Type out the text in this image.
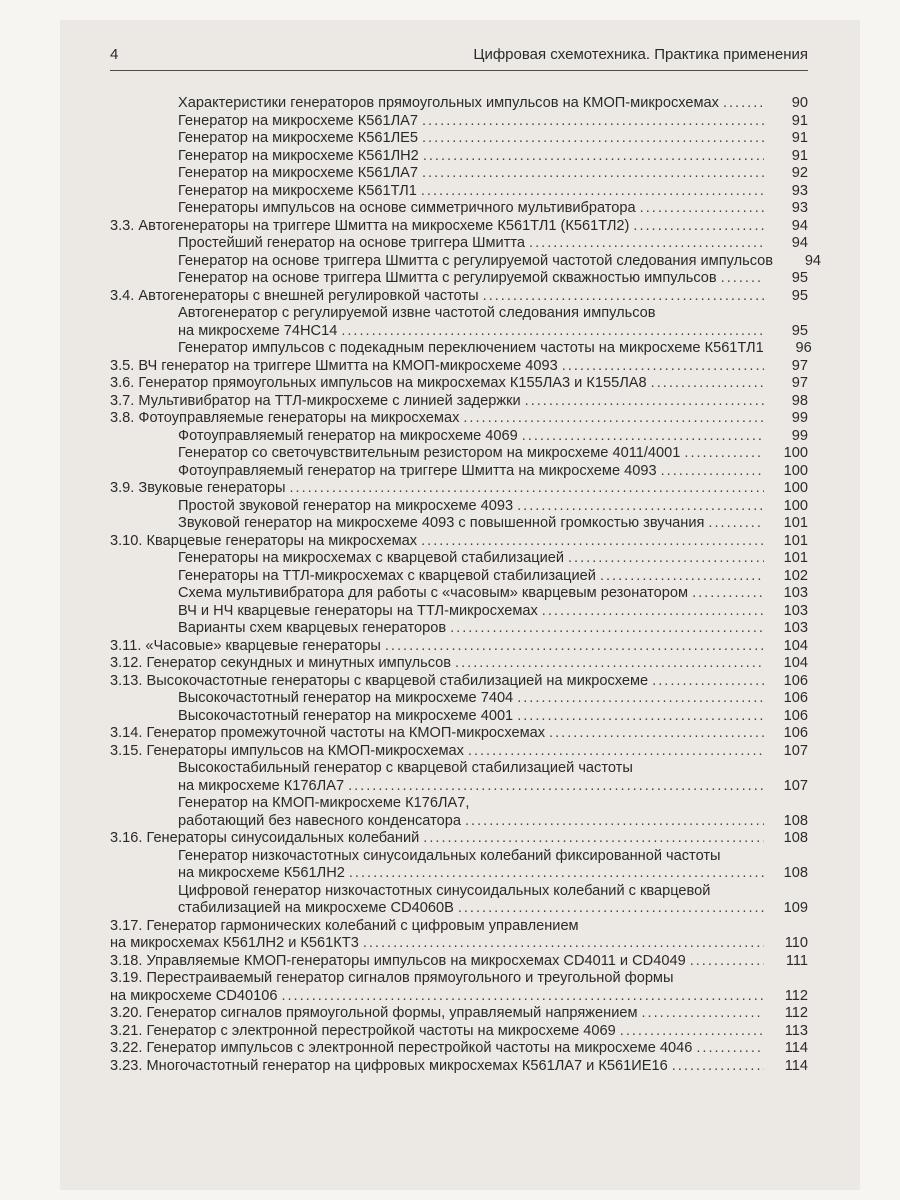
4	Цифровая схемотехника. Практика применения
Характеристики генераторов прямоугольных импульсов на КМОП-микросхемах .....	90
Генератор на микросхеме К561ЛА7 .....	91
Генератор на микросхеме К561ЛЕ5 .....	91
Генератор на микросхеме К561ЛН2 .....	91
Генератор на микросхеме К561ЛА7 .....	92
Генератор на микросхеме К561ТЛ1 .....	93
Генераторы импульсов на основе симметричного мультивибратора .....	93
3.3. Автогенераторы на триггере Шмитта на микросхеме К561ТЛ1 (К561ТЛ2) .....	94
Простейший генератор на основе триггера Шмитта .....	94
Генератор на основе триггера Шмитта с регулируемой частотой следования импульсов	94
Генератор на основе триггера Шмитта с регулируемой скважностью импульсов .....	95
3.4. Автогенераторы с внешней регулировкой частоты .....	95
Автогенератор с регулируемой извне частотой следования импульсов
на микросхеме 74НС14 .....	95
Генератор импульсов с подекадным переключением частоты на микросхеме К561ТЛ1	96
3.5. ВЧ генератор на триггере Шмитта на КМОП-микросхеме 4093 .....	97
3.6. Генератор прямоугольных импульсов на микросхемах К155ЛА3 и К155ЛА8 .....	97
3.7. Мультивибратор на ТТЛ-микросхеме с линией задержки .....	98
3.8. Фотоуправляемые генераторы на микросхемах .....	99
Фотоуправляемый генератор на микросхеме 4069 .....	99
Генератор со светочувствительным резистором на микросхеме 4011/4001 .....	100
Фотоуправляемый генератор на триггере Шмитта на микросхеме 4093 .....	100
3.9. Звуковые генераторы .....	100
Простой звуковой генератор на микросхеме 4093 .....	100
Звуковой генератор на микросхеме 4093 с повышенной громкостью звучания .....	101
3.10. Кварцевые генераторы на микросхемах .....	101
Генераторы на микросхемах с кварцевой стабилизацией .....	101
Генераторы на ТТЛ-микросхемах с кварцевой стабилизацией .....	102
Схема мультивибратора для работы с «часовым» кварцевым резонатором .....	103
ВЧ и НЧ кварцевые генераторы на ТТЛ-микросхемах .....	103
Варианты схем кварцевых генераторов .....	103
3.11. «Часовые» кварцевые генераторы .....	104
3.12. Генератор секундных и минутных импульсов .....	104
3.13. Высокочастотные генераторы с кварцевой стабилизацией на микросхеме .....	106
Высокочастотный генератор на микросхеме 7404 .....	106
Высокочастотный генератор на микросхеме 4001 .....	106
3.14. Генератор промежуточной частоты на КМОП-микросхемах .....	106
3.15. Генераторы импульсов на КМОП-микросхемах .....	107
Высокостабильный генератор с кварцевой стабилизацией частоты
на микросхеме К176ЛА7 .....	107
Генератор на КМОП-микросхеме К176ЛА7,
работающий без навесного конденсатора .....	108
3.16. Генераторы синусоидальных колебаний .....	108
Генератор низкочастотных синусоидальных колебаний фиксированной частоты
на микросхеме К561ЛН2 .....	108
Цифровой генератор низкочастотных синусоидальных колебаний с кварцевой
стабилизацией на микросхеме CD4060B .....	109
3.17. Генератор гармонических колебаний с цифровым управлением
на микросхемах К561ЛН2 и К561КТ3 .....	110
3.18. Управляемые КМОП-генераторы импульсов на микросхемах CD4011 и CD4049 .....	111
3.19. Перестраиваемый генератор сигналов прямоугольного и треугольной формы
на микросхеме CD40106 .....	112
3.20. Генератор сигналов прямоугольной формы, управляемый напряжением .....	112
3.21. Генератор с электронной перестройкой частоты на микросхеме 4069 .....	113
3.22. Генератор импульсов с электронной перестройкой частоты на микросхеме 4046 .....	114
3.23. Многочастотный генератор на цифровых микросхемах К561ЛА7 и К561ИЕ16 .....	114
